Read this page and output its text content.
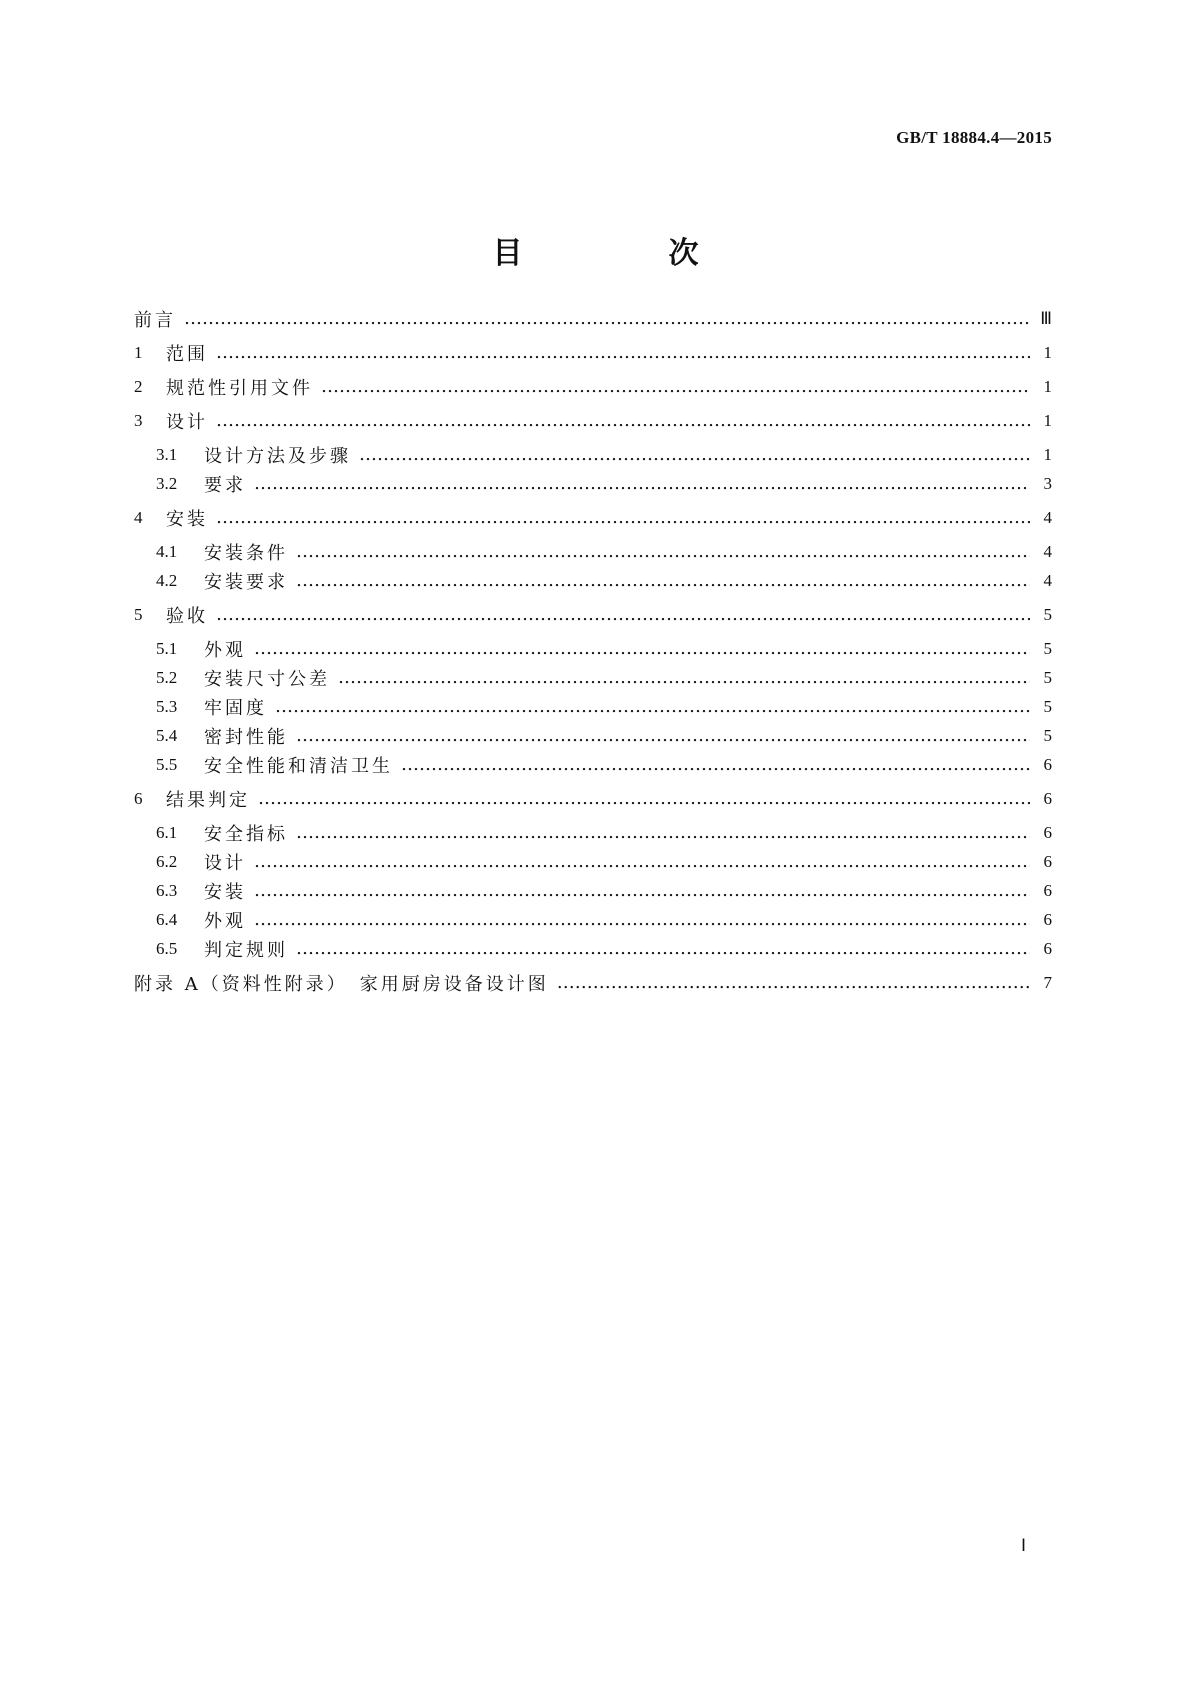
GB/T 18884.4—2015
目　次
前言 ……………………………………………………………………………………………………………………………………………………………………………………………………………………………………………………………………	Ⅲ
1	范围 ……………………………………………………………………………………………………………………………………………………………………………………………………………………………………………………………………	1
2	规范性引用文件 ……………………………………………………………………………………………………………………………………………………………………………………………………………………………………………………………………	1
3	设计 ……………………………………………………………………………………………………………………………………………………………………………………………………………………………………………………………………	1
3.1	设计方法及步骤 ……………………………………………………………………………………………………………………………………………………………………………………………………………………………………………………………………	1
3.2	要求 ……………………………………………………………………………………………………………………………………………………………………………………………………………………………………………………………………	3
4	安装 ……………………………………………………………………………………………………………………………………………………………………………………………………………………………………………………………………	4
4.1	安装条件 ……………………………………………………………………………………………………………………………………………………………………………………………………………………………………………………………………	4
4.2	安装要求 ……………………………………………………………………………………………………………………………………………………………………………………………………………………………………………………………………	4
5	验收 ……………………………………………………………………………………………………………………………………………………………………………………………………………………………………………………………………	5
5.1	外观 ……………………………………………………………………………………………………………………………………………………………………………………………………………………………………………………………………	5
5.2	安装尺寸公差 ……………………………………………………………………………………………………………………………………………………………………………………………………………………………………………………………………	5
5.3	牢固度 ……………………………………………………………………………………………………………………………………………………………………………………………………………………………………………………………………	5
5.4	密封性能 ……………………………………………………………………………………………………………………………………………………………………………………………………………………………………………………………………	5
5.5	安全性能和清洁卫生 ……………………………………………………………………………………………………………………………………………………………………………………………………………………………………………………………………	6
6	结果判定 ……………………………………………………………………………………………………………………………………………………………………………………………………………………………………………………………………	6
6.1	安全指标 ……………………………………………………………………………………………………………………………………………………………………………………………………………………………………………………………………	6
6.2	设计 ……………………………………………………………………………………………………………………………………………………………………………………………………………………………………………………………………	6
6.3	安装 ……………………………………………………………………………………………………………………………………………………………………………………………………………………………………………………………………	6
6.4	外观 ……………………………………………………………………………………………………………………………………………………………………………………………………………………………………………………………………	6
6.5	判定规则 ……………………………………………………………………………………………………………………………………………………………………………………………………………………………………………………………………	6
附录 A（资料性附录）　家用厨房设备设计图 ……………………………………………………………………………………………………………………………………………………………………………………………………………………………………………………………………	7
Ⅰ
